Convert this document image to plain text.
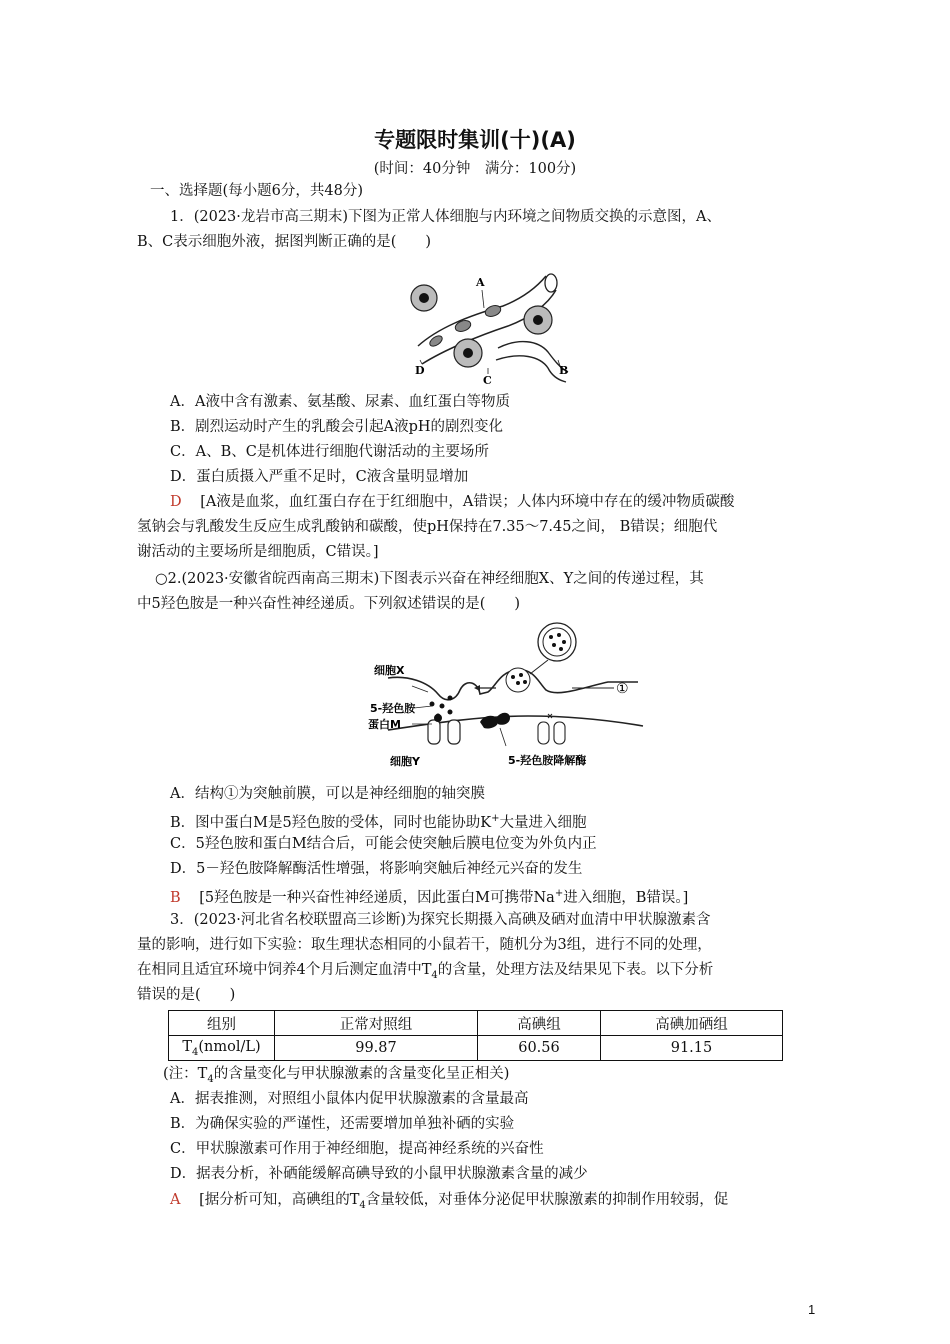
专题限时集训(十)(A)
(时间：40分钟　满分：100分)
一、选择题(每小题6分，共48分)
1．(2023·龙岩市高三期末)下图为正常人体细胞与内环境之间物质交换的示意图，A、
B、C表示细胞外液，据图判断正确的是(　　)
A
B
C
D
A．A液中含有激素、氨基酸、尿素、血红蛋白等物质
B．剧烈运动时产生的乳酸会引起A液pH的剧烈变化
C．A、B、C是机体进行细胞代谢活动的主要场所
D．蛋白质摄入严重不足时，C液含量明显增加
D [A液是血浆，血红蛋白存在于红细胞中，A错误；人体内环境中存在的缓冲物质碳酸
氢钠会与乳酸发生反应生成乳酸钠和碳酸，使pH保持在7.35～7.45之间， B错误；细胞代
谢活动的主要场所是细胞质，C错误。]
○2.(2023·安徽省皖西南高三期末)下图表示兴奋在神经细胞X、Y之间的传递过程，其
中5羟色胺是一种兴奋性神经递质。下列叙述错误的是(　　)
细胞X
5-羟色胺
蛋白M
细胞Y	5-羟色胺降解酶
①
A．结构①为突触前膜，可以是神经细胞的轴突膜
B．图中蛋白M是5羟色胺的受体，同时也能协助K+大量进入细胞
C．5羟色胺和蛋白M结合后，可能会使突触后膜电位变为外负内正
D．5－羟色胺降解酶活性增强，将影响突触后神经元兴奋的发生
B [5羟色胺是一种兴奋性神经递质，因此蛋白M可携带Na+进入细胞，B错误。]
3．(2023·河北省名校联盟高三诊断)为探究长期摄入高碘及硒对血清中甲状腺激素含
量的影响，进行如下实验：取生理状态相同的小鼠若干，随机分为3组，进行不同的处理，
在相同且适宜环境中饲养4个月后测定血清中$T_4$的含量，处理方法及结果见下表。以下分析
错误的是(　　)
组别	正常对照组	高碘组	高碘加硒组
$T_4(nmol/L)$	99.87	60.56	91.15
(注：$T_4$的含量变化与甲状腺激素的含量变化呈正相关)
A．据表推测，对照组小鼠体内促甲状腺激素的含量最高
B．为确保实验的严谨性，还需要增加单独补硒的实验
C．甲状腺激素可作用于神经细胞，提高神经系统的兴奋性
D．据表分析，补硒能缓解高碘导致的小鼠甲状腺激素含量的减少
A [据分析可知，高碘组的$T_4$含量较低，对垂体分泌促甲状腺激素的抑制作用较弱，促
1
